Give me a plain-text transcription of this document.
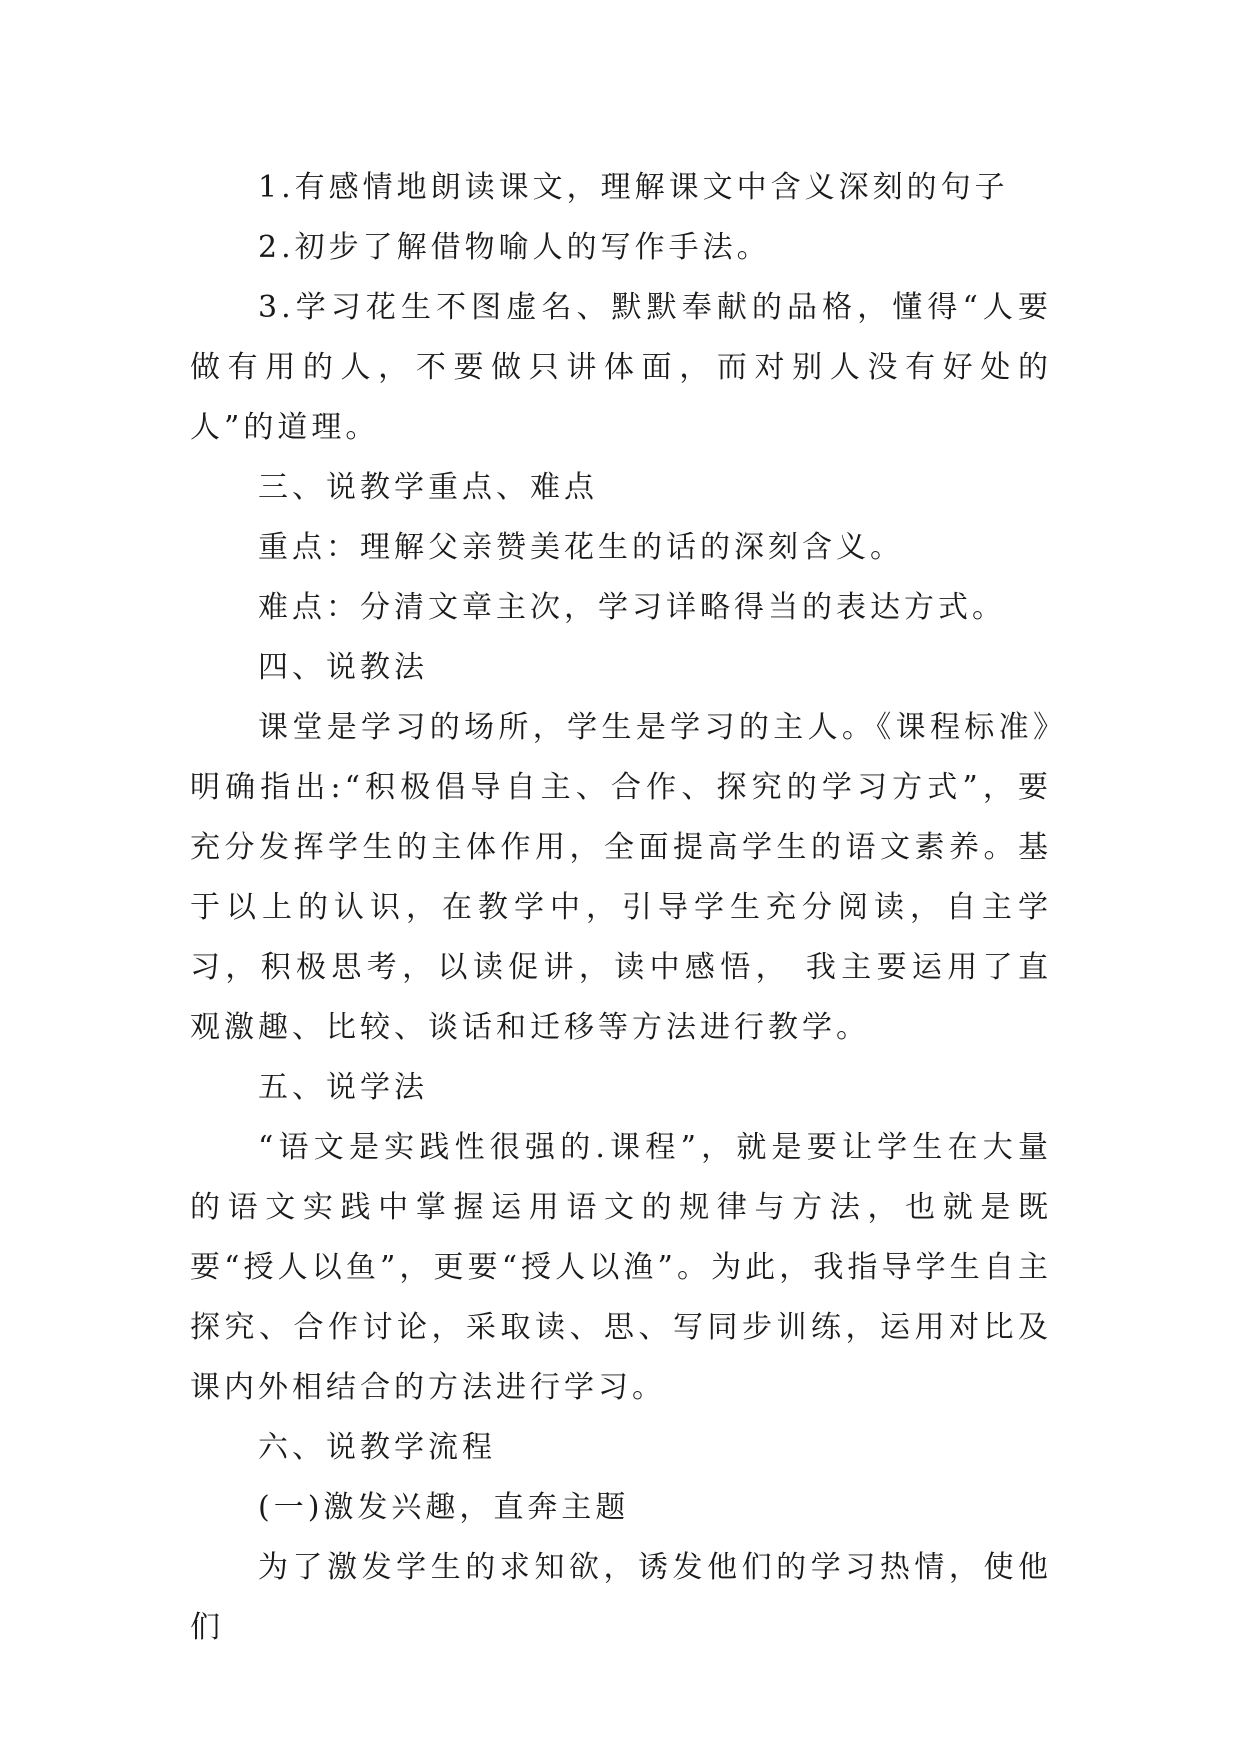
1.有感情地朗读课文，理解课文中含义深刻的句子

2.初步了解借物喻人的写作手法。

3.学习花生不图虚名、默默奉献的品格，懂得“人要做有用的人，不要做只讲体面，而对别人没有好处的人”的道理。

三、说教学重点、难点

重点：理解父亲赞美花生的话的深刻含义。

难点：分清文章主次，学习详略得当的表达方式。

四、说教法

课堂是学习的场所，学生是学习的主人。《课程标准》明确指出:“积极倡导自主、合作、探究的学习方式”，要充分发挥学生的主体作用，全面提高学生的语文素养。基于以上的认识，在教学中，引导学生充分阅读，自主学习，积极思考，以读促讲，读中感悟， 我主要运用了直观激趣、比较、谈话和迁移等方法进行教学。

五、说学法

“语文是实践性很强的.课程”，就是要让学生在大量的语文实践中掌握运用语文的规律与方法，也就是既要“授人以鱼”，更要“授人以渔”。为此，我指导学生自主探究、合作讨论，采取读、思、写同步训练，运用对比及课内外相结合的方法进行学习。

六、说教学流程

(一)激发兴趣，直奔主题

为了激发学生的求知欲，诱发他们的学习热情，使他们
